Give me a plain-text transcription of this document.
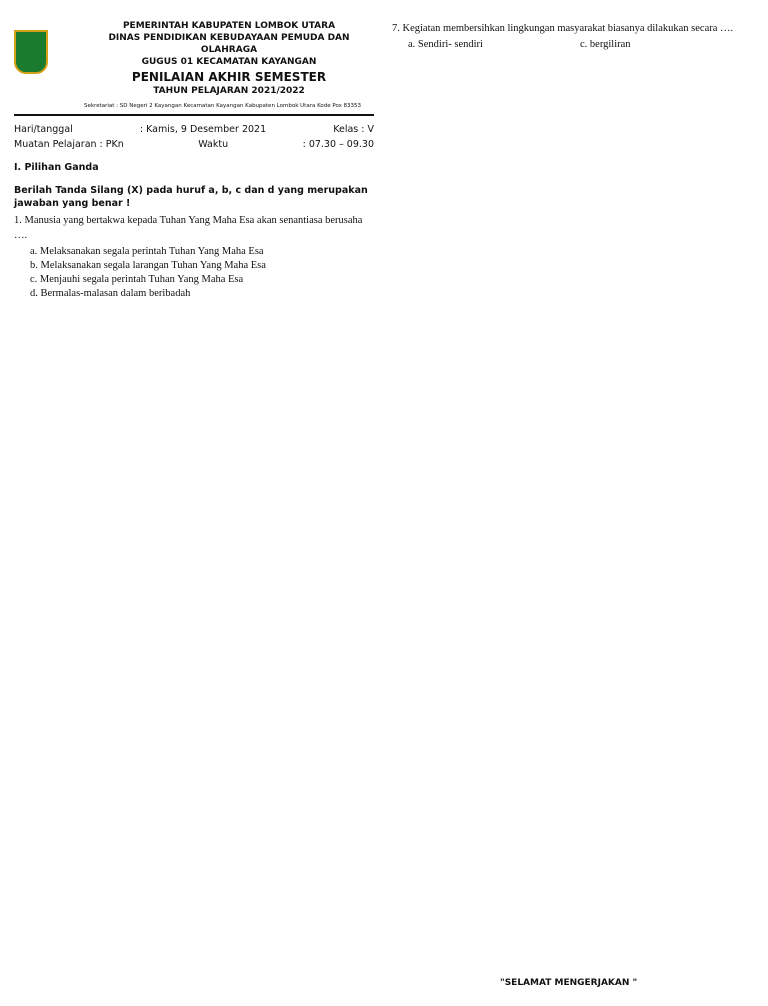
PEMERINTAH KABUPATEN LOMBOK UTARA
DINAS PENDIDIKAN KEBUDAYAAN PEMUDA DAN OLAHRAGA
GUGUS 01 KECAMATAN KAYANGAN
PENILAIAN AKHIR SEMESTER
TAHUN PELAJARAN 2021/2022
Sekretariat : SD Negeri 2 Kayangan Kecamatan Kayangan Kabupaten Lombok Utara Kode Pos 83353
Hari/tanggal	: Kamis, 9 Desember 2021	Kelas : V
Muatan Pelajaran : PKn	Waktu	: 07.30 – 09.30
I. Pilihan Ganda
Berilah Tanda Silang (X) pada huruf a, b, c dan d yang merupakan jawaban yang benar !
1. Manusia yang bertakwa kepada Tuhan Yang Maha Esa akan senantiasa berusaha ….
a. Melaksanakan segala perintah Tuhan Yang Maha Esa
b. Melaksanakan segala larangan Tuhan Yang Maha Esa
c. Menjauhi segala perintah Tuhan Yang Maha Esa
d. Bermalas-malasan dalam beribadah
7. Kegiatan membersihkan lingkungan masyarakat biasanya dilakukan secara ….
a. Sendiri- sendiri	c. bergiliran
"SELAMAT MENGERJAKAN "
